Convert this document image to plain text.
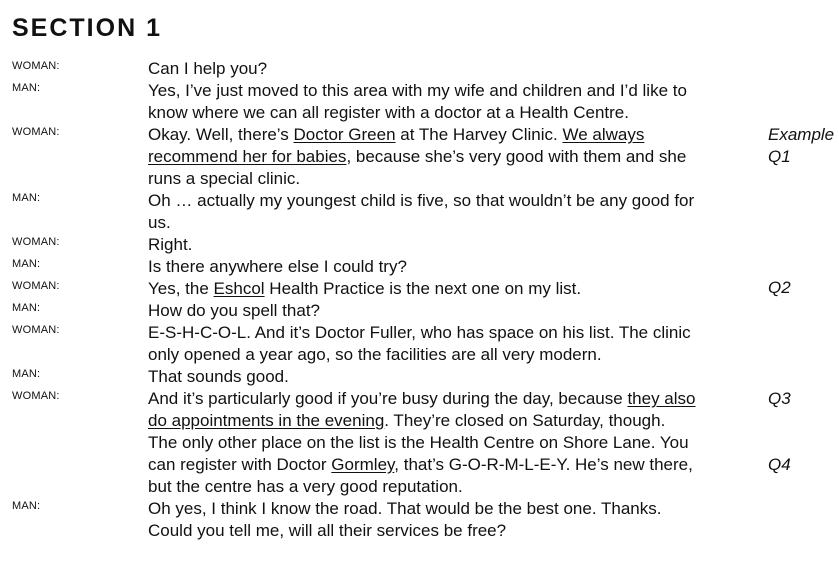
SECTION 1
WOMAN:	Can I help you?
MAN:	Yes, I’ve just moved to this area with my wife and children and I’d like to
know where we can all register with a doctor at a Health Centre.
WOMAN:	Okay. Well, there’s Doctor Green at The Harvey Clinic. We always
recommend her for babies, because she’s very good with them and she
runs a special clinic.
MAN:	Oh … actually my youngest child is five, so that wouldn’t be any good for
us.
WOMAN:	Right.
MAN:	Is there anywhere else I could try?
WOMAN:	Yes, the Eshcol Health Practice is the next one on my list.
MAN:	How do you spell that?
WOMAN:	E-S-H-C-O-L. And it’s Doctor Fuller, who has space on his list. The clinic
only opened a year ago, so the facilities are all very modern.
MAN:	That sounds good.
WOMAN:	And it’s particularly good if you’re busy during the day, because they also
do appointments in the evening. They’re closed on Saturday, though.
The only other place on the list is the Health Centre on Shore Lane. You
can register with Doctor Gormley, that’s G-O-R-M-L-E-Y. He’s new there,
but the centre has a very good reputation.
MAN:	Oh yes, I think I know the road. That would be the best one. Thanks.
Could you tell me, will all their services be free?
Example
Q1
Q2
Q3
Q4
